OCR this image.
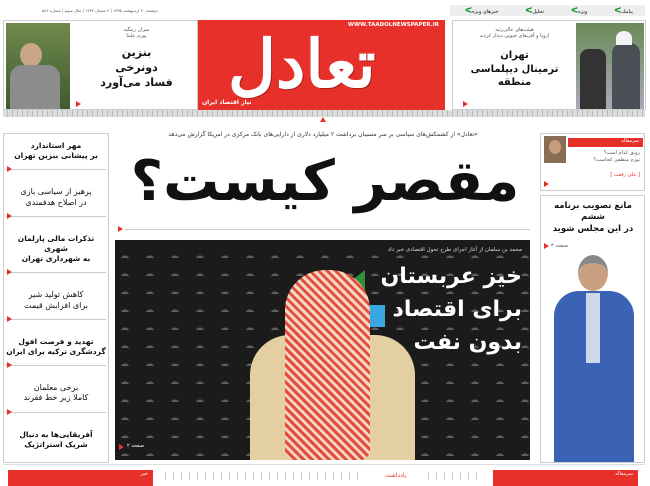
دوشنبه ۲۰ اردیبهشت ۱۳۹۵ | ۲ شعبان ۱۴۳۷ | سال سوم | شماره ۵۸۶	ᐸپیامک
ᐸویژه
ᐸتحلیل
ᐸخبرهای ویژه
میزان رتبگیه
پورم علیتا
بنزین
دونرخی
فساد می‌آورد
WWW.TAADOLNEWSPAPER.IR
تعادل
نیاز اقتصاد ایران
هیئت‌های عالی‌رتبه
اروپا و آفریقای جنوبی دیدار کردند
تهران
ترمینال دیپلماسی
منطقه
«تعادل» از کشمکش‌های سیاسی بر سر مسببان برداشت ۲ میلیارد دلاری از دارایی‌های بانک مرکزی در امریکا گزارش می‌دهد
مقصر کیست؟
مهر استاندارد
بر پیشانی بنزین تهران
پرهیز از سیاسی بازی
در اصلاح هدفمندی
تذکرات مالی پارلمان شهری
به شهرداری تهران
کاهش تولید شیر
برای افزایش قیمت
تهدید و فرصت افول
گردشگری ترکیه برای ایران
برخی معلمان
کاملا زیر خط فقرند
آفریقایی‌ها به دنبال
شریک استراتژیک
محمد بن سلمان از آغاز اجرای طرح تحول اقتصادی خبر داد
خیز عربستان
برای اقتصاد
بدون نفت
صفحه ۲
سرمقاله
رونق کدام است؟
تورم منطقی کجاست؟
[ علی رفعت ]
مانع تصویب برنامه ششم
در این مجلس شوید
صفحه ۳
خبر	یادداشت	سرمقاله
